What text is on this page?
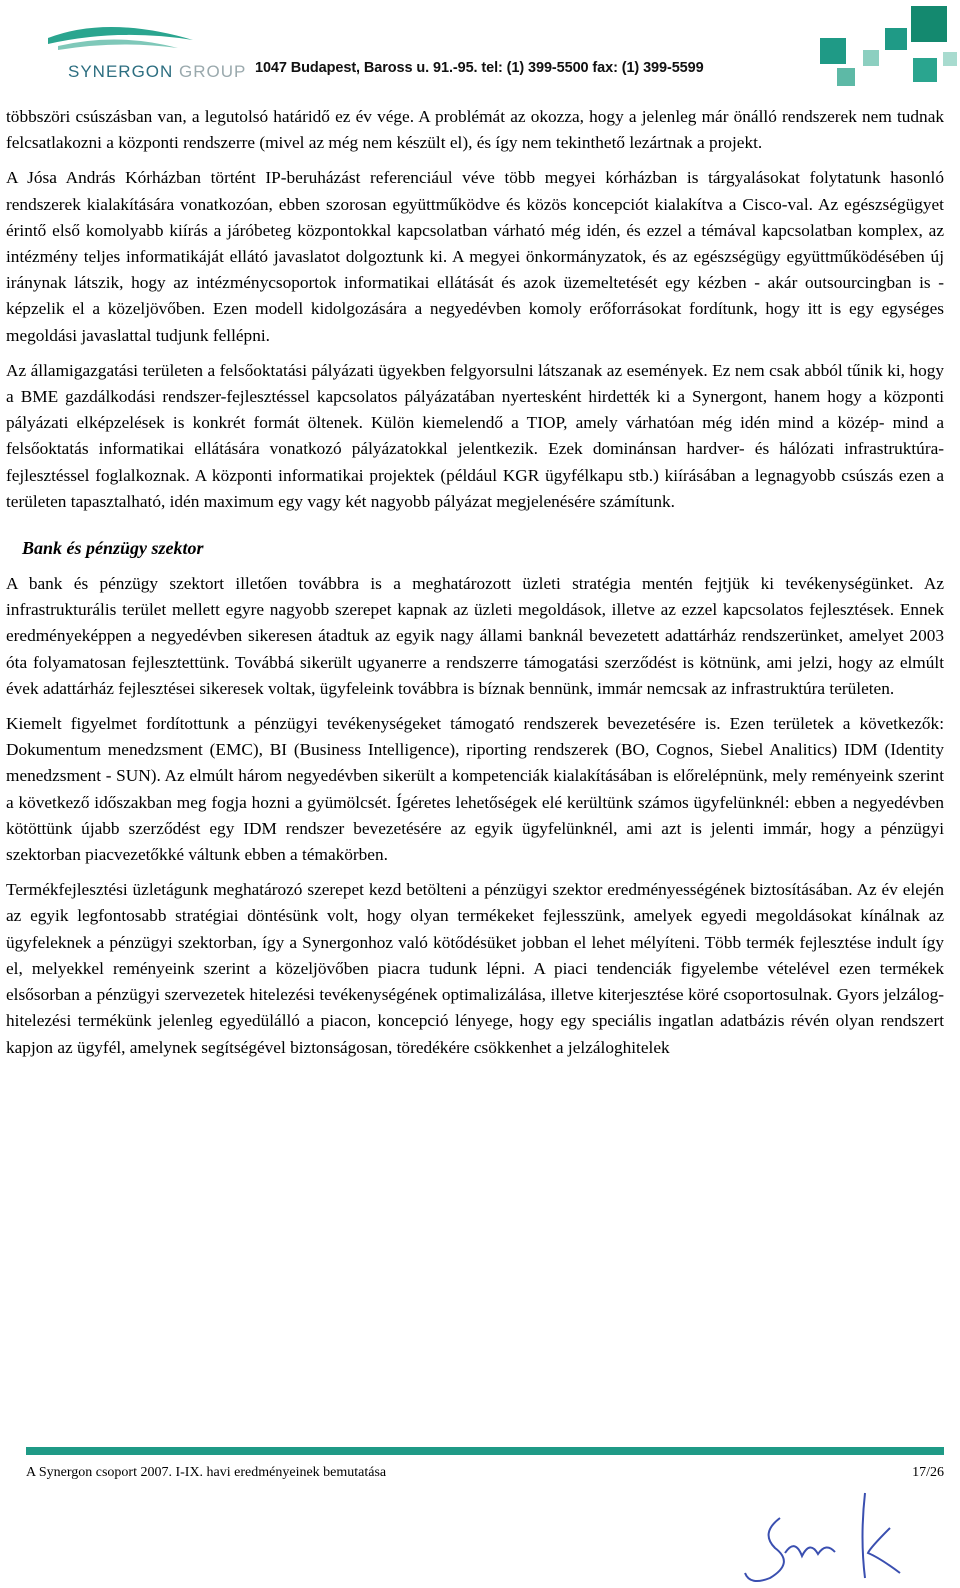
SYNERGON GROUP 1047 Budapest, Baross u. 91.-95. tel: (1) 399-5500 fax: (1) 399-5599

többszöri csúszásban van, a legutolsó határidő ez év vége. A problémát az okozza, hogy a jelenleg már önálló rendszerek nem tudnak felcsatlakozni a központi rendszerre (mivel az még nem készült el), és így nem tekinthető lezártnak a projekt.

A Jósa András Kórházban történt IP-beruházást referenciául véve több megyei kórházban is tárgyalásokat folytatunk hasonló rendszerek kialakítására vonatkozóan, ebben szorosan együttműködve és közös koncepciót kialakítva a Cisco-val. Az egészségügyet érintő első komolyabb kiírás a járóbeteg központokkal kapcsolatban várható még idén, és ezzel a témával kapcsolatban komplex, az intézmény teljes informatikáját ellátó javaslatot dolgoztunk ki. A megyei önkormányzatok, és az egészségügy együttműködésében új iránynak látszik, hogy az intézménycsoportok informatikai ellátását és azok üzemeltetését egy kézben - akár outsourcingban is - képzelik el a közeljövőben. Ezen modell kidolgozására a negyedévben komoly erőforrásokat fordítunk, hogy itt is egy egységes megoldási javaslattal tudjunk fellépni.

Az államigazgatási területen a felsőoktatási pályázati ügyekben felgyorsulni látszanak az események. Ez nem csak abból tűnik ki, hogy a BME gazdálkodási rendszer-fejlesztéssel kapcsolatos pályázatában nyertesként hirdették ki a Synergont, hanem hogy a központi pályázati elképzelések is konkrét formát öltenek. Külön kiemelendő a TIOP, amely várhatóan még idén mind a közép- mind a felsőoktatás informatikai ellátására vonatkozó pályázatokkal jelentkezik. Ezek dominánsan hardver- és hálózati infrastruktúra-fejlesztéssel foglalkoznak. A központi informatikai projektek (például KGR ügyfélkapu stb.) kiírásában a legnagyobb csúszás ezen a területen tapasztalható, idén maximum egy vagy két nagyobb pályázat megjelenésére számítunk.

Bank és pénzügy szektor

A bank és pénzügy szektort illetően továbbra is a meghatározott üzleti stratégia mentén fejtjük ki tevékenységünket. Az infrastrukturális terület mellett egyre nagyobb szerepet kapnak az üzleti megoldások, illetve az ezzel kapcsolatos fejlesztések. Ennek eredményeképpen a negyedévben sikeresen átadtuk az egyik nagy állami banknál bevezetett adattárház rendszerünket, amelyet 2003 óta folyamatosan fejlesztettünk. Továbbá sikerült ugyanerre a rendszerre támogatási szerződést is kötnünk, ami jelzi, hogy az elmúlt évek adattárház fejlesztései sikeresek voltak, ügyfeleink továbbra is bíznak bennünk, immár nemcsak az infrastruktúra területen.

Kiemelt figyelmet fordítottunk a pénzügyi tevékenységeket támogató rendszerek bevezetésére is. Ezen területek a következők: Dokumentum menedzsment (EMC), BI (Business Intelligence), riporting rendszerek (BO, Cognos, Siebel Analitics) IDM (Identity menedzsment - SUN). Az elmúlt három negyedévben sikerült a kompetenciák kialakításában is előrelépnünk, mely reményeink szerint a következő időszakban meg fogja hozni a gyümölcsét. Ígéretes lehetőségek elé kerültünk számos ügyfelünknél: ebben a negyedévben kötöttünk újabb szerződést egy IDM rendszer bevezetésére az egyik ügyfelünknél, ami azt is jelenti immár, hogy a pénzügyi szektorban piacvezetőkké váltunk ebben a témakörben.

Termékfejlesztési üzletágunk meghatározó szerepet kezd betölteni a pénzügyi szektor eredményességének biztosításában. Az év elején az egyik legfontosabb stratégiai döntésünk volt, hogy olyan termékeket fejlesszünk, amelyek egyedi megoldásokat kínálnak az ügyfeleknek a pénzügyi szektorban, így a Synergonhoz való kötődésüket jobban el lehet mélyíteni. Több termék fejlesztése indult így el, melyekkel reményeink szerint a közeljövőben piacra tudunk lépni. A piaci tendenciák figyelembe vételével ezen termékek elsősorban a pénzügyi szervezetek hitelezési tevékenységének optimalizálása, illetve kiterjesztése köré csoportosulnak. Gyors jelzálog-hitelezési termékünk jelenleg egyedülálló a piacon, koncepció lényege, hogy egy speciális ingatlan adatbázis révén olyan rendszert kapjon az ügyfél, amelynek segítségével biztonságosan, töredékére csökkenhet a jelzáloghitelek

A Synergon csoport 2007. I-IX. havi eredményeinek bemutatása	17/26
